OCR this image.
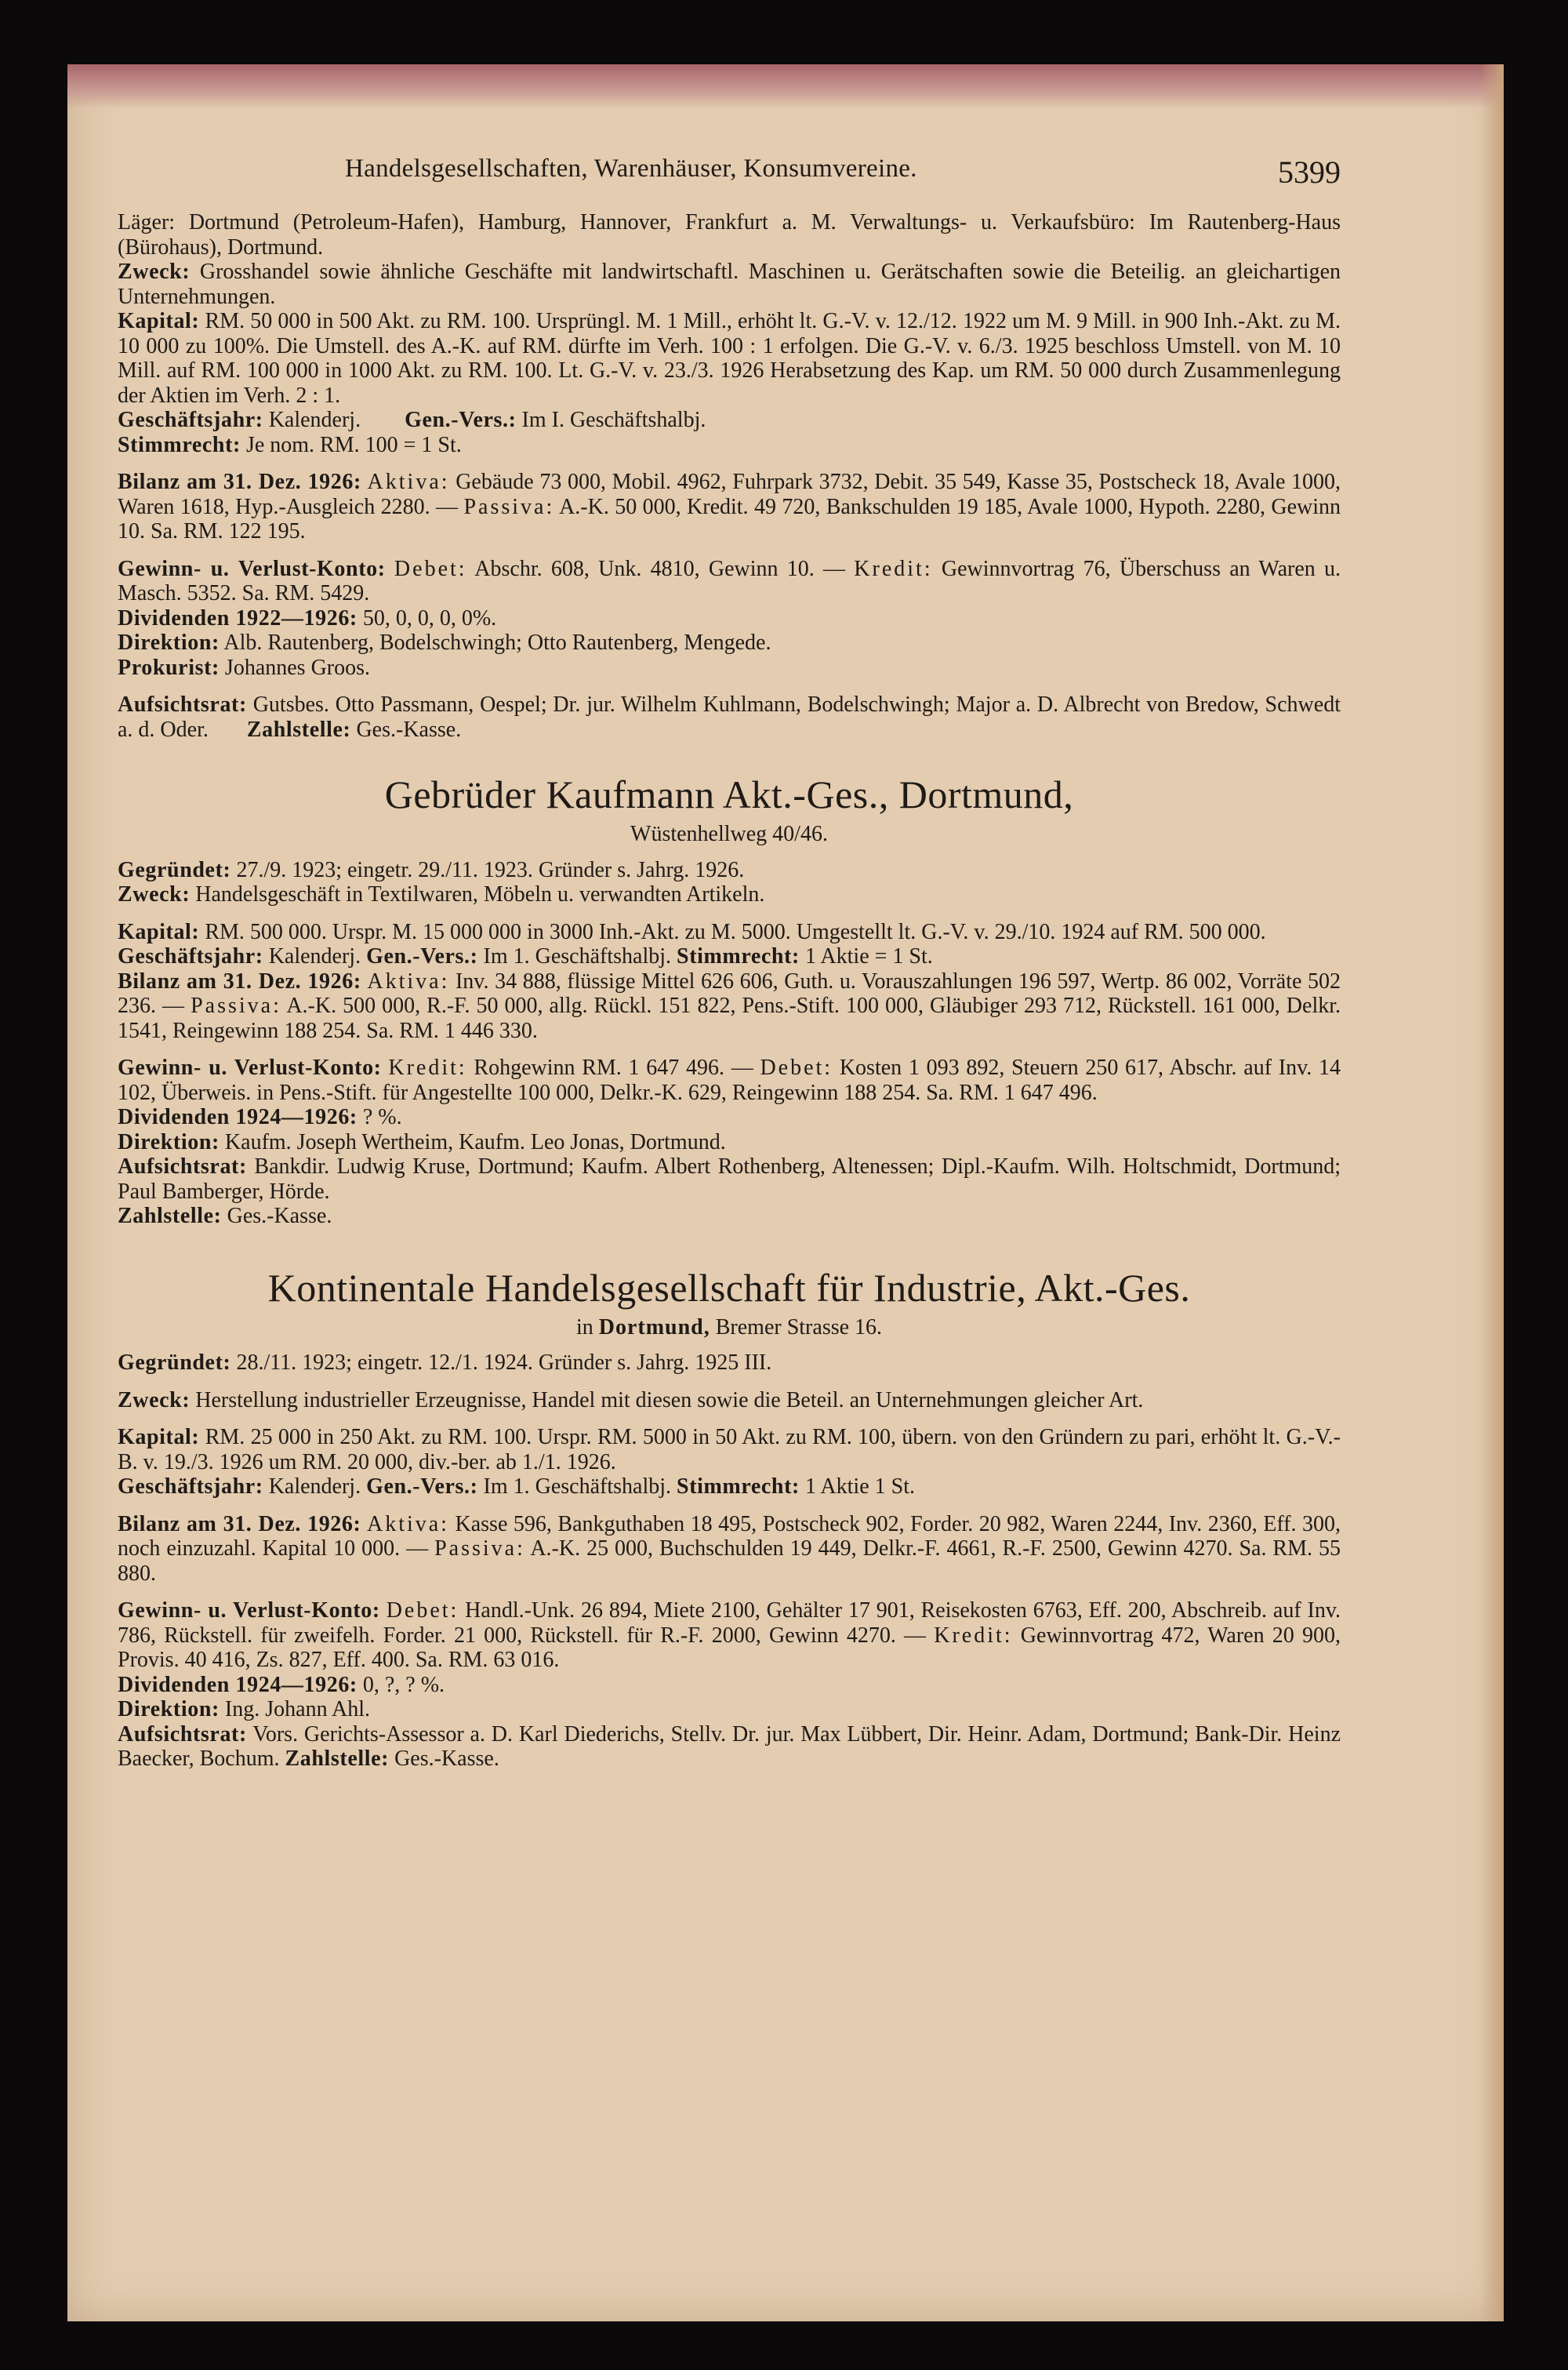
Handelsgesellschaften, Warenhäuser, Konsumvereine.	5399

Läger: Dortmund (Petroleum-Hafen), Hamburg, Hannover, Frankfurt a. M. Verwaltungs- u. Verkaufsbüro: Im Rautenberg-Haus (Bürohaus), Dortmund.

Zweck: Grosshandel sowie ähnliche Geschäfte mit landwirtschaftl. Maschinen u. Gerätschaften sowie die Beteilig. an gleichartigen Unternehmungen.

Kapital: RM. 50 000 in 500 Akt. zu RM. 100. Ursprüngl. M. 1 Mill., erhöht lt. G.-V. v. 12./12. 1922 um M. 9 Mill. in 900 Inh.-Akt. zu M. 10 000 zu 100%. Die Umstell. des A.-K. auf RM. dürfte im Verh. 100 : 1 erfolgen. Die G.-V. v. 6./3. 1925 beschloss Umstell. von M. 10 Mill. auf RM. 100 000 in 1000 Akt. zu RM. 100. Lt. G.-V. v. 23./3. 1926 Herabsetzung des Kap. um RM. 50 000 durch Zusammenlegung der Aktien im Verh. 2 : 1.

Geschäftsjahr: Kalenderj. Gen.-Vers.: Im I. Geschäftshalbj.

Stimmrecht: Je nom. RM. 100 = 1 St.

Bilanz am 31. Dez. 1926: Aktiva: Gebäude 73 000, Mobil. 4962, Fuhrpark 3732, Debit. 35 549, Kasse 35, Postscheck 18, Avale 1000, Waren 1618, Hyp.-Ausgleich 2280. — Passiva: A.-K. 50 000, Kredit. 49 720, Bankschulden 19 185, Avale 1000, Hypoth. 2280, Gewinn 10. Sa. RM. 122 195.

Gewinn- u. Verlust-Konto: Debet: Abschr. 608, Unk. 4810, Gewinn 10. — Kredit: Gewinnvortrag 76, Überschuss an Waren u. Masch. 5352. Sa. RM. 5429.

Dividenden 1922—1926: 50, 0, 0, 0, 0%.

Direktion: Alb. Rautenberg, Bodelschwingh; Otto Rautenberg, Mengede.

Prokurist: Johannes Groos.

Aufsichtsrat: Gutsbes. Otto Passmann, Oespel; Dr. jur. Wilhelm Kuhlmann, Bodelschwingh; Major a. D. Albrecht von Bredow, Schwedt a. d. Oder. Zahlstelle: Ges.-Kasse.

Gebrüder Kaufmann Akt.-Ges., Dortmund,
Wüstenhellweg 40/46.

Gegründet: 27./9. 1923; eingetr. 29./11. 1923. Gründer s. Jahrg. 1926.

Zweck: Handelsgeschäft in Textilwaren, Möbeln u. verwandten Artikeln.

Kapital: RM. 500 000. Urspr. M. 15 000 000 in 3000 Inh.-Akt. zu M. 5000. Umgestellt lt. G.-V. v. 29./10. 1924 auf RM. 500 000.

Geschäftsjahr: Kalenderj. Gen.-Vers.: Im 1. Geschäftshalbj. Stimmrecht: 1 Aktie = 1 St.

Bilanz am 31. Dez. 1926: Aktiva: Inv. 34 888, flüssige Mittel 626 606, Guth. u. Vorauszahlungen 196 597, Wertp. 86 002, Vorräte 502 236. — Passiva: A.-K. 500 000, R.-F. 50 000, allg. Rückl. 151 822, Pens.-Stift. 100 000, Gläubiger 293 712, Rückstell. 161 000, Delkr. 1541, Reingewinn 188 254. Sa. RM. 1 446 330.

Gewinn- u. Verlust-Konto: Kredit: Rohgewinn RM. 1 647 496. — Debet: Kosten 1 093 892, Steuern 250 617, Abschr. auf Inv. 14 102, Überweis. in Pens.-Stift. für Angestellte 100 000, Delkr.-K. 629, Reingewinn 188 254. Sa. RM. 1 647 496.

Dividenden 1924—1926: ? %.

Direktion: Kaufm. Joseph Wertheim, Kaufm. Leo Jonas, Dortmund.

Aufsichtsrat: Bankdir. Ludwig Kruse, Dortmund; Kaufm. Albert Rothenberg, Altenessen; Dipl.-Kaufm. Wilh. Holtschmidt, Dortmund; Paul Bamberger, Hörde.

Zahlstelle: Ges.-Kasse.

Kontinentale Handelsgesellschaft für Industrie, Akt.-Ges.
in Dortmund, Bremer Strasse 16.

Gegründet: 28./11. 1923; eingetr. 12./1. 1924. Gründer s. Jahrg. 1925 III.

Zweck: Herstellung industrieller Erzeugnisse, Handel mit diesen sowie die Beteil. an Unternehmungen gleicher Art.

Kapital: RM. 25 000 in 250 Akt. zu RM. 100. Urspr. RM. 5000 in 50 Akt. zu RM. 100, übern. von den Gründern zu pari, erhöht lt. G.-V.-B. v. 19./3. 1926 um RM. 20 000, div.-ber. ab 1./1. 1926.

Geschäftsjahr: Kalenderj. Gen.-Vers.: Im 1. Geschäftshalbj. Stimmrecht: 1 Aktie 1 St.

Bilanz am 31. Dez. 1926: Aktiva: Kasse 596, Bankguthaben 18 495, Postscheck 902, Forder. 20 982, Waren 2244, Inv. 2360, Eff. 300, noch einzuzahl. Kapital 10 000. — Passiva: A.-K. 25 000, Buchschulden 19 449, Delkr.-F. 4661, R.-F. 2500, Gewinn 4270. Sa. RM. 55 880.

Gewinn- u. Verlust-Konto: Debet: Handl.-Unk. 26 894, Miete 2100, Gehälter 17 901, Reisekosten 6763, Eff. 200, Abschreib. auf Inv. 786, Rückstell. für zweifelh. Forder. 21 000, Rückstell. für R.-F. 2000, Gewinn 4270. — Kredit: Gewinnvortrag 472, Waren 20 900, Provis. 40 416, Zs. 827, Eff. 400. Sa. RM. 63 016.

Dividenden 1924—1926: 0, ?, ? %.

Direktion: Ing. Johann Ahl.

Aufsichtsrat: Vors. Gerichts-Assessor a. D. Karl Diederichs, Stellv. Dr. jur. Max Lübbert, Dir. Heinr. Adam, Dortmund; Bank-Dir. Heinz Baecker, Bochum. Zahlstelle: Ges.-Kasse.
